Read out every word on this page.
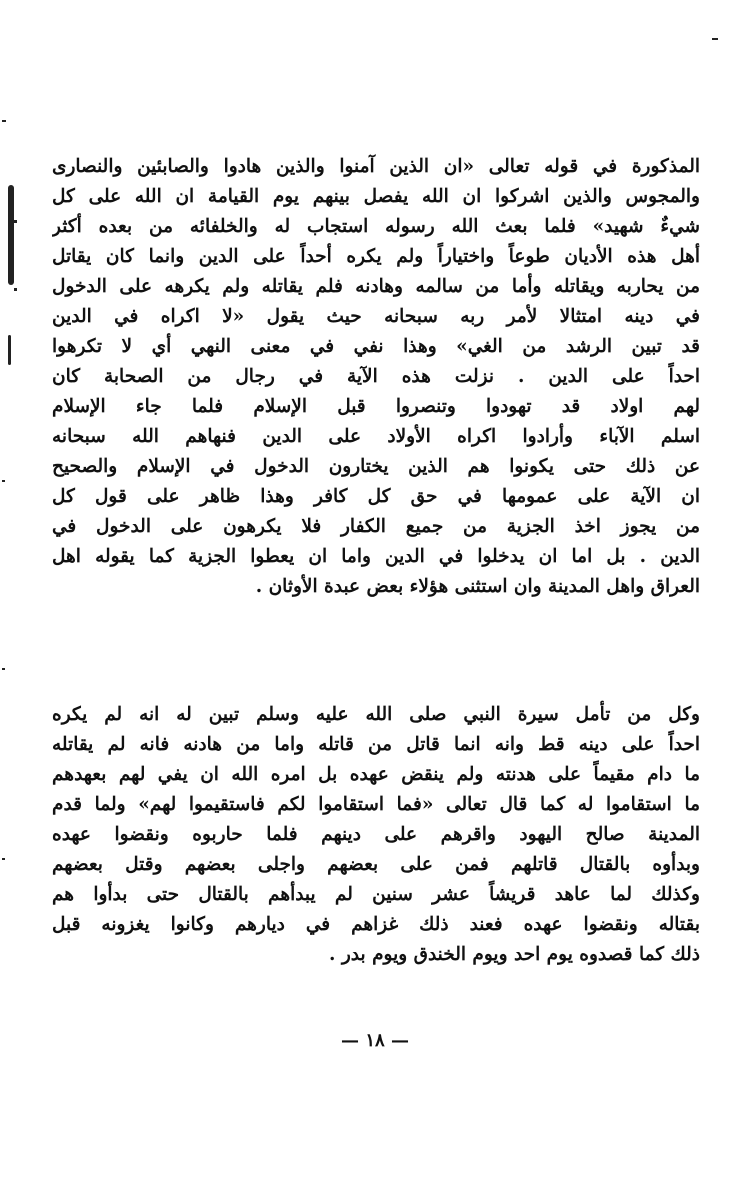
المذكورة في قوله تعالى «ان الذين آمنوا والذين هادوا والصابئين والنصارى
والمجوس والذين اشركوا ان الله يفصل بينهم يوم القيامة ان الله على كل
شيءٌ شهيد» فلما بعث الله رسوله استجاب له والخلفائه من بعده أكثر
أهل هذه الأديان طوعاً واختياراً ولم يكره أحداً على الدين وانما كان يقاتل
من يحاربه ويقاتله وأما من سالمه وهادنه فلم يقاتله ولم يكرهه على الدخول
في دينه امتثالا لأمر ربه سبحانه حيث يقول «لا اكراه في الدين
قد تبين الرشد من الغي» وهذا نفي في معنى النهي أي لا تكرهوا
احداً على الدين . نزلت هذه الآية في رجال من الصحابة كان
لهم اولاد قد تهودوا وتنصروا قبل الإسلام فلما جاء الإسلام
اسلم الآباء وأرادوا اكراه الأولاد على الدين فنهاهم الله سبحانه
عن ذلك حتى يكونوا هم الذين يختارون الدخول في الإسلام والصحيح
ان الآية على عمومها في حق كل كافر وهذا ظاهر على قول كل
من يجوز اخذ الجزية من جميع الكفار فلا يكرهون على الدخول في
الدين . بل اما ان يدخلوا في الدين واما ان يعطوا الجزية كما يقوله اهل
العراق واهل المدينة وان استثنى هؤلاء بعض عبدة الأوثان .
وكل من تأمل سيرة النبي صلى الله عليه وسلم تبين له انه لم يكره
احداً على دينه قط وانه انما قاتل من قاتله واما من هادنه فانه لم يقاتله
ما دام مقيماً على هدنته ولم ينقض عهده بل امره الله ان يفي لهم بعهدهم
ما استقاموا له كما قال تعالى «فما استقاموا لكم فاستقيموا لهم» ولما قدم
المدينة صالح اليهود واقرهم على دينهم فلما حاربوه ونقضوا عهده
وبدأوه بالقتال قاتلهم فمن على بعضهم واجلى بعضهم وقتل بعضهم
وكذلك لما عاهد قريشاً عشر سنين لم يبدأهم بالقتال حتى بدأوا هم
بقتاله ونقضوا عهده فعند ذلك غزاهم في ديارهم وكانوا يغزونه قبل
ذلك كما قصدوه يوم احد ويوم الخندق ويوم بدر .
— ١٨ —
